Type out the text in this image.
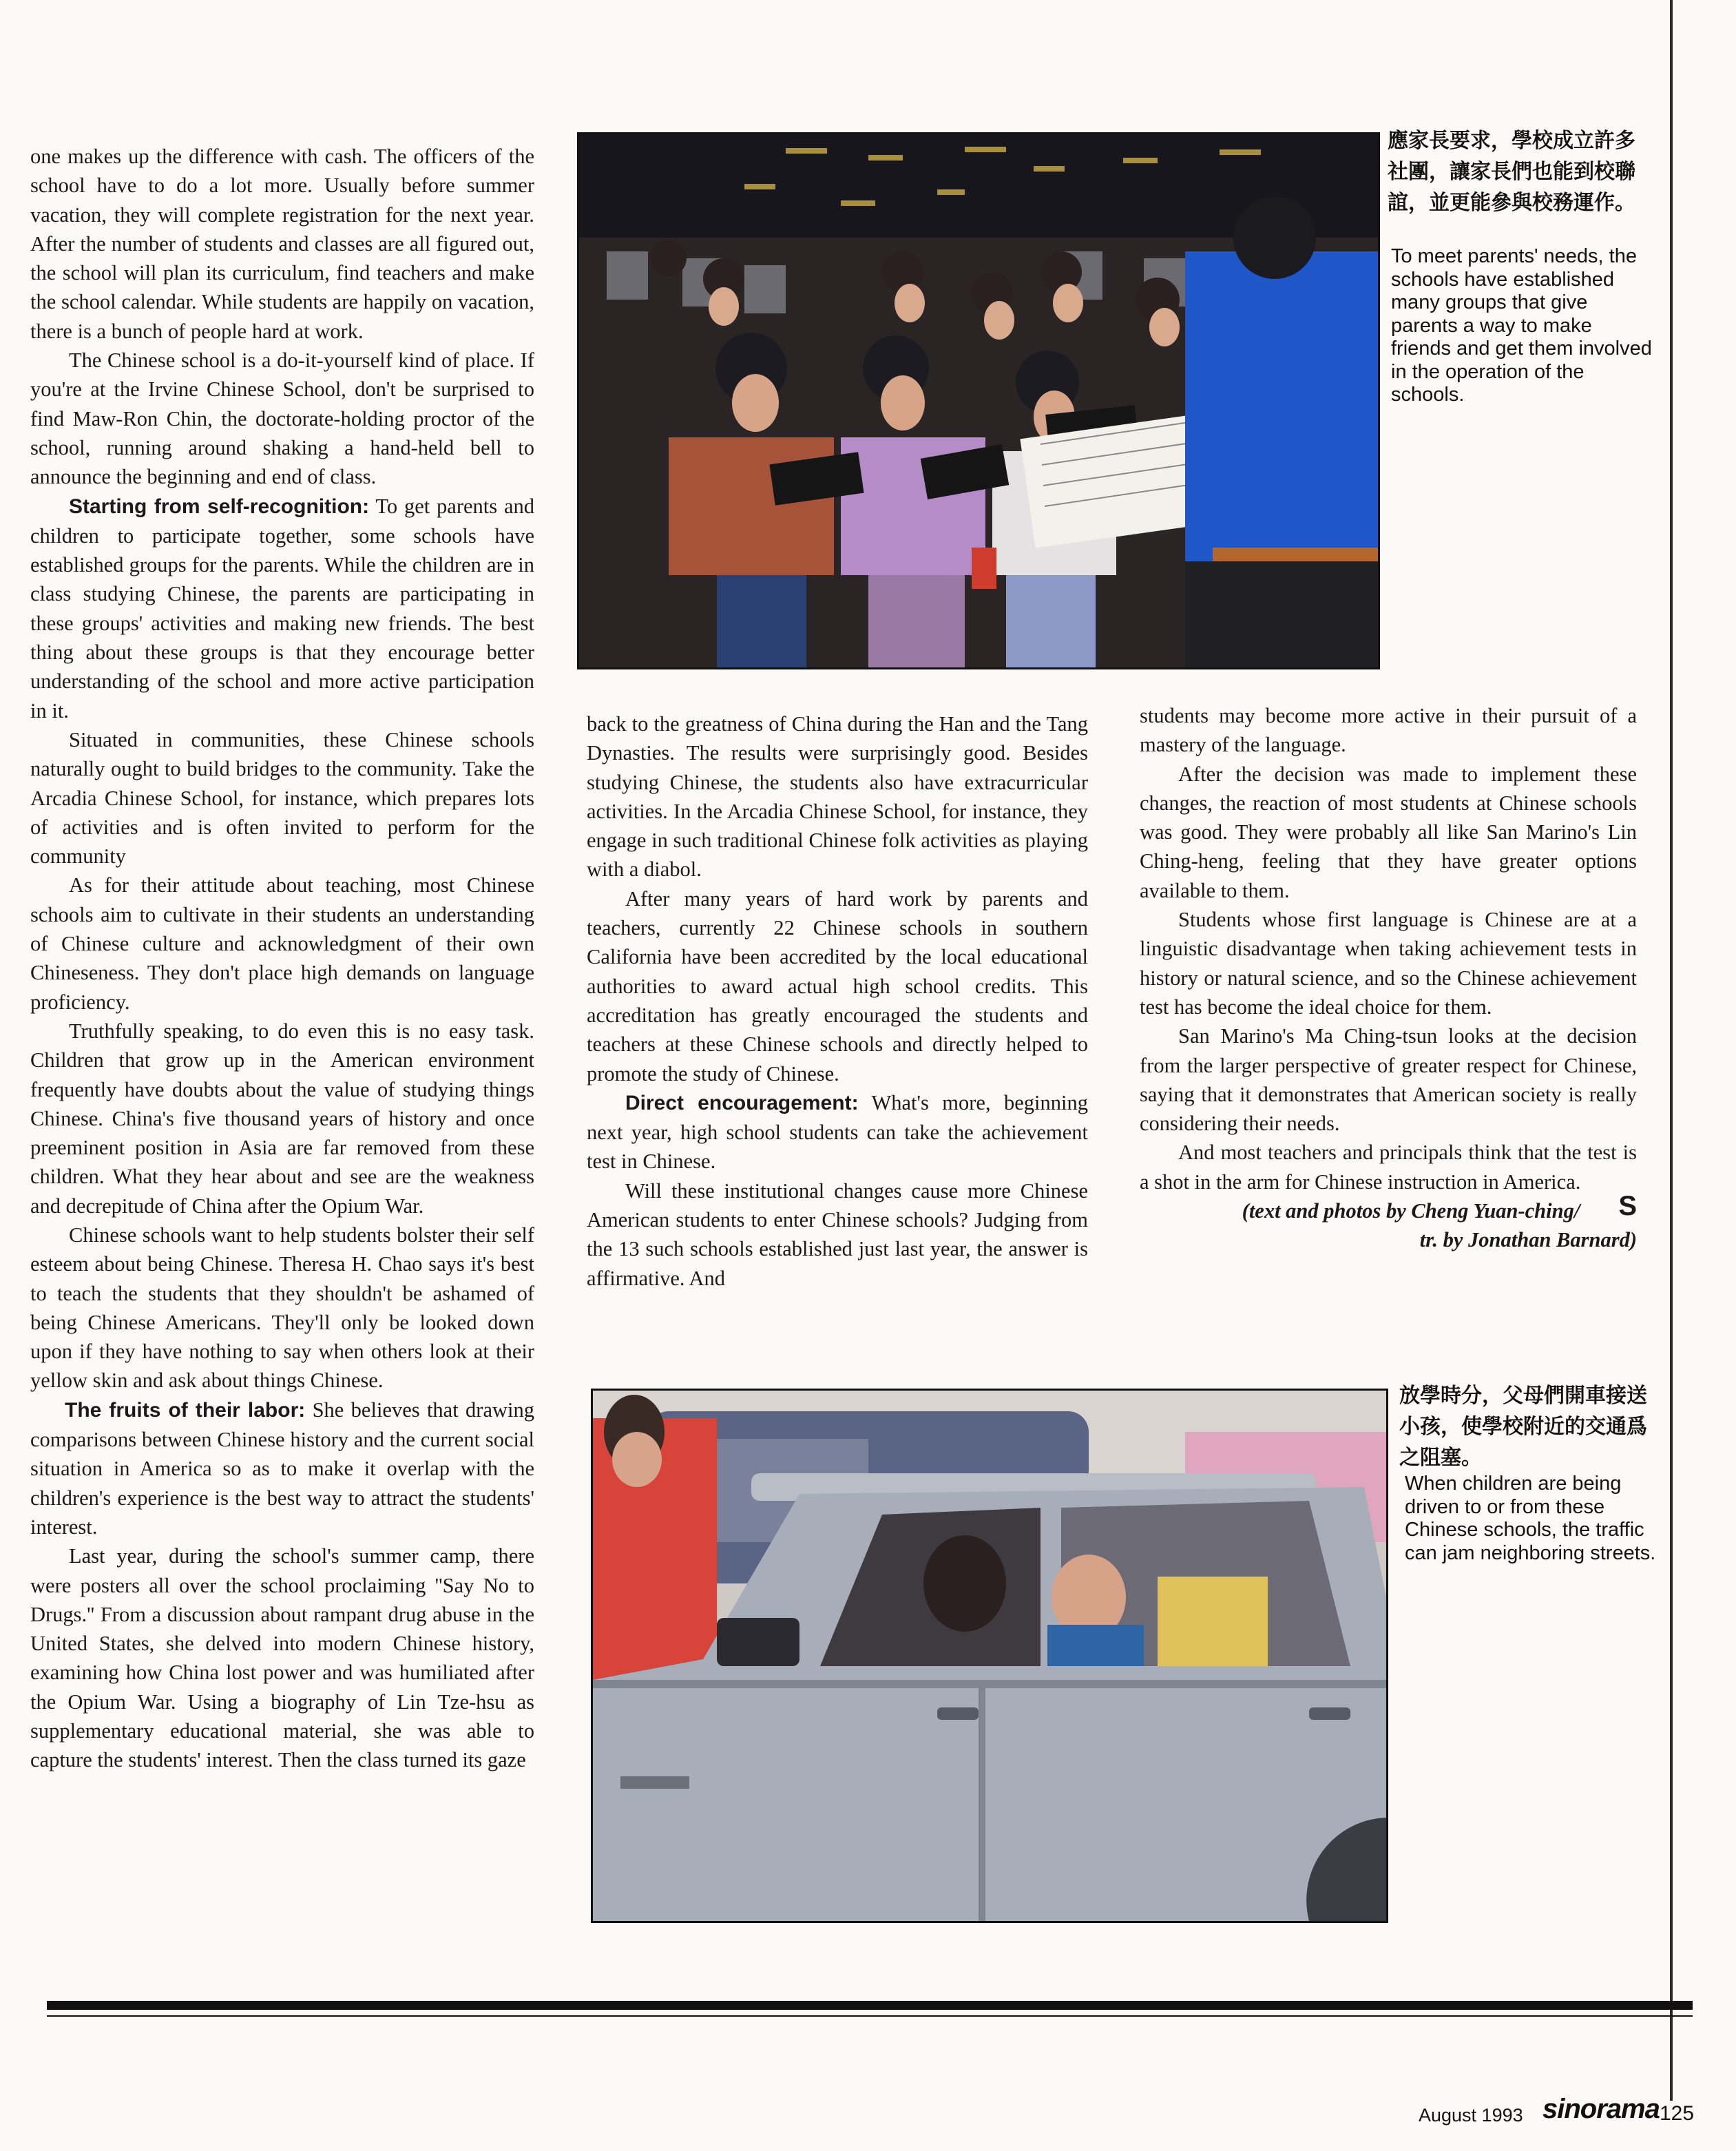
one makes up the difference with cash. The officers of the school have to do a lot more. Usually before summer vacation, they will complete registration for the next year. After the number of students and classes are all figured out, the school will plan its curriculum, find teachers and make the school calendar. While students are happily on vacation, there is a bunch of people hard at work.

The Chinese school is a do-it-yourself kind of place. If you're at the Irvine Chinese School, don't be surprised to find Maw-Ron Chin, the doctorate-holding proctor of the school, running around shaking a hand-held bell to announce the beginning and end of class.

Starting from self-recognition: To get parents and children to participate together, some schools have established groups for the parents. While the children are in class studying Chinese, the parents are participating in these groups' activities and making new friends. The best thing about these groups is that they encourage better understanding of the school and more active participation in it.

Situated in communities, these Chinese schools naturally ought to build bridges to the community. Take the Arcadia Chinese School, for instance, which prepares lots of activities and is often invited to perform for the community

As for their attitude about teaching, most Chinese schools aim to cultivate in their students an understanding of Chinese culture and acknowledgment of their own Chineseness. They don't place high demands on language proficiency.

Truthfully speaking, to do even this is no easy task. Children that grow up in the American environment frequently have doubts about the value of studying things Chinese. China's five thousand years of history and once preeminent position in Asia are far removed from these children. What they hear about and see are the weakness and decrepitude of China after the Opium War.

Chinese schools want to help students bolster their self esteem about being Chinese. Theresa H. Chao says it's best to teach the students that they shouldn't be ashamed of being Chinese Americans. They'll only be looked down upon if they have nothing to say when others look at their yellow skin and ask about things Chinese.

The fruits of their labor: She believes that drawing comparisons between Chinese history and the current social situation in America so as to make it overlap with the children's experience is the best way to attract the students' interest.

Last year, during the school's summer camp, there were posters all over the school proclaiming ''Say No to Drugs.'' From a discussion about rampant drug abuse in the United States, she delved into modern Chinese history, examining how China lost power and was humiliated after the Opium War. Using a biography of Lin Tze-hsu as supplementary educational material, she was able to capture the students' interest. Then the class turned its gaze

back to the greatness of China during the Han and the Tang Dynasties. The results were surprisingly good. Besides studying Chinese, the students also have extracurricular activities. In the Arcadia Chinese School, for instance, they engage in such traditional Chinese folk activities as playing with a diabol.

After many years of hard work by parents and teachers, currently 22 Chinese schools in southern California have been accredited by the local educational authorities to award actual high school credits. This accreditation has greatly encouraged the students and teachers at these Chinese schools and directly helped to promote the study of Chinese.

Direct encouragement: What's more, beginning next year, high school students can take the achievement test in Chinese.

Will these institutional changes cause more Chinese American students to enter Chinese schools? Judging from the 13 such schools established just last year, the answer is affirmative. And

students may become more active in their pursuit of a mastery of the language.

After the decision was made to implement these changes, the reaction of most students at Chinese schools was good. They were probably all like San Marino's Lin Ching-heng, feeling that they have greater options available to them.

Students whose first language is Chinese are at a linguistic disadvantage when taking achievement tests in history or natural science, and so the Chinese achievement test has become the ideal choice for them.

San Marino's Ma Ching-tsun looks at the decision from the larger perspective of greater respect for Chinese, saying that it demonstrates that American society is really considering their needs.

And most teachers and principals think that the test is a shot in the arm for Chinese instruction in America.
S

(text and photos by Cheng Yuan-ching/

tr. by Jonathan Barnard)

應家長要求，學校成立許多社團，讓家長們也能到校聯誼，並更能參與校務運作。
To meet parents' needs, the schools have established many groups that give parents a way to make friends and get them involved in the operation of the schools.
放學時分，父母們開車接送小孩，使學校附近的交通爲之阻塞。
When children are being driven to or from these Chinese schools, the traffic can jam neighboring streets.
August 1993 sinorama 125
